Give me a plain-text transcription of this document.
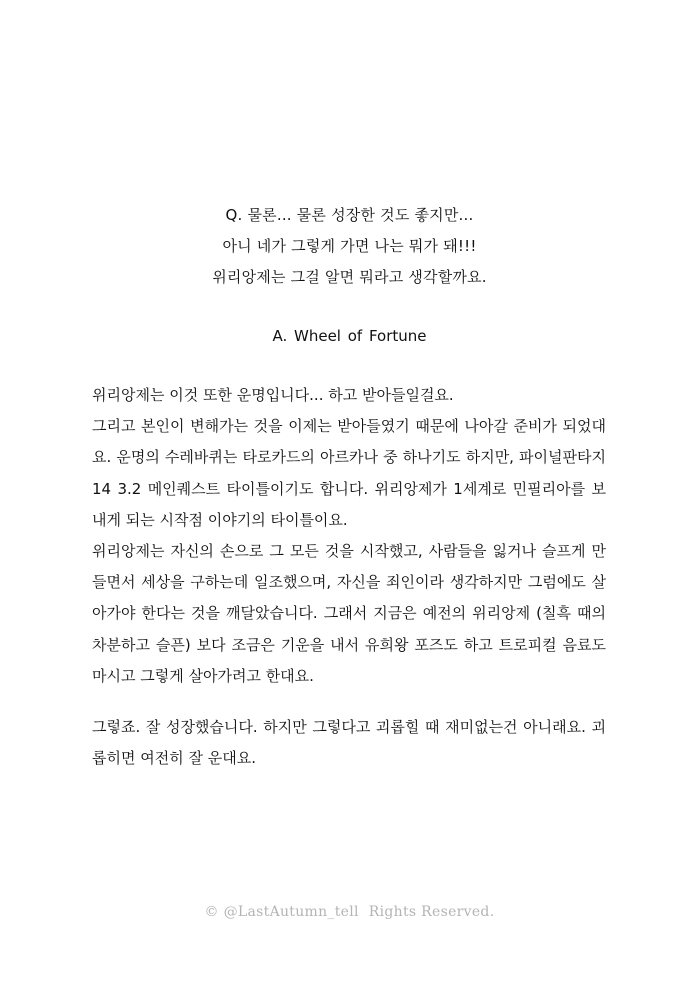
Q. 물론... 물론 성장한 것도 좋지만...
아니 네가 그렇게 가면 나는 뭐가 돼!!!
위리앙제는 그걸 알면 뭐라고 생각할까요.
A. Wheel of Fortune

위리앙제는 이것 또한 운명입니다... 하고 받아들일걸요.

그리고 본인이 변해가는 것을 이제는 받아들였기 때문에 나아갈 준비가 되었대요. 운명의 수레바퀴는 타로카드의 아르카나 중 하나기도 하지만, 파이널판타지 14 3.2 메인퀘스트 타이틀이기도 합니다. 위리앙제가 1세계로 민필리아를 보내게 되는 시작점 이야기의 타이틀이요.

위리앙제는 자신의 손으로 그 모든 것을 시작했고, 사람들을 잃거나 슬프게 만들면서 세상을 구하는데 일조했으며, 자신을 죄인이라 생각하지만 그럼에도 살아가야 한다는 것을 깨달았습니다. 그래서 지금은 예전의 위리앙제 (칠흑 때의 차분하고 슬픈) 보다 조금은 기운을 내서 유희왕 포즈도 하고 트로피컬 음료도 마시고 그렇게 살아가려고 한대요.

그렇죠. 잘 성장했습니다. 하지만 그렇다고 괴롭힐 때 재미없는건 아니래요. 괴롭히면 여전히 잘 운대요.

© @LastAutumn_tell Rights Reserved.
